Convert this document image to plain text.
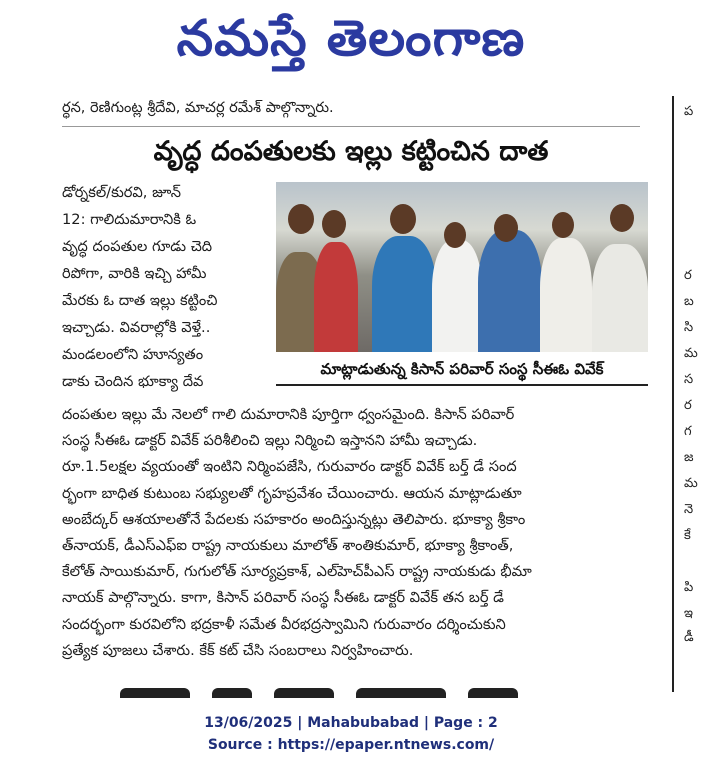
నమస్తే తెలంగాణ
ర్ధన, రెణిగుంట్ల శ్రీదేవి, మాచర్ల రమేశ్ పాల్గొన్నారు.	ప
ర
బ
సి
మ
స
ర
గ
జ
మ
నె
కే
పి
ఇ
డీ
వృద్ధ దంపతులకు ఇల్లు కట్టించిన దాత
డోర్నకల్/కురవి, జూన్
12: గాలిదుమారానికి ఓ
వృద్ధ దంపతుల గూడు చెది
రిపోగా, వారికి ఇచ్చి హామీ
మేరకు ఓ దాత ఇల్లు కట్టించి
ఇచ్చాడు. వివరాల్లోకి వెళ్తే..
మండలంలోని హూన్యతం
డాకు చెందిన భూక్యా దేవ
మాట్లాడుతున్న కిసాన్ పరివార్ సంస్థ సీఈఓ వివేక్
దంపతుల ఇల్లు మే నెలలో గాలి దుమారానికి పూర్తిగా ధ్వంసమైంది. కిసాన్ పరివార్
సంస్థ సీఈఓ డాక్టర్ వివేక్ పరిశీలించి ఇల్లు నిర్మించి ఇస్తానని హామీ ఇచ్చాడు.
రూ.1.5లక్షల వ్యయంతో ఇంటిని నిర్మింపజేసి, గురువారం డాక్టర్ వివేక్ బర్త్ డే సంద
ర్భంగా బాధిత కుటుంబ సభ్యులతో గృహప్రవేశం చేయించారు. ఆయన మాట్లాడుతూ
అంబేద్కర్ ఆశయాలతోనే పేదలకు సహకారం అందిస్తున్నట్లు తెలిపారు. భూక్యా శ్రీకాం
త్‌నాయక్, డీఎస్ఎఫ్ఐ రాష్ట్ర నాయకులు మాలోత్ శాంతికుమార్, భూక్యా శ్రీకాంత్,
కేలోత్ సాయికుమార్, గుగులోత్ సూర్యప్రకాశ్, ఎల్‌హెచ్‌పీఎస్ రాష్ట్ర నాయకుడు భీమా
నాయక్ పాల్గొన్నారు. కాగా, కిసాన్ పరివార్ సంస్థ సీఈఓ డాక్టర్ వివేక్ తన బర్త్ డే
సందర్భంగా కురవిలోని భద్రకాళీ సమేత వీరభద్రస్వామిని గురువారం దర్శించుకుని
ప్రత్యేక పూజలు చేశారు. కేక్ కట్ చేసి సంబరాలు నిర్వహించారు.
13/06/2025 | Mahabubabad | Page : 2
Source : https://epaper.ntnews.com/
